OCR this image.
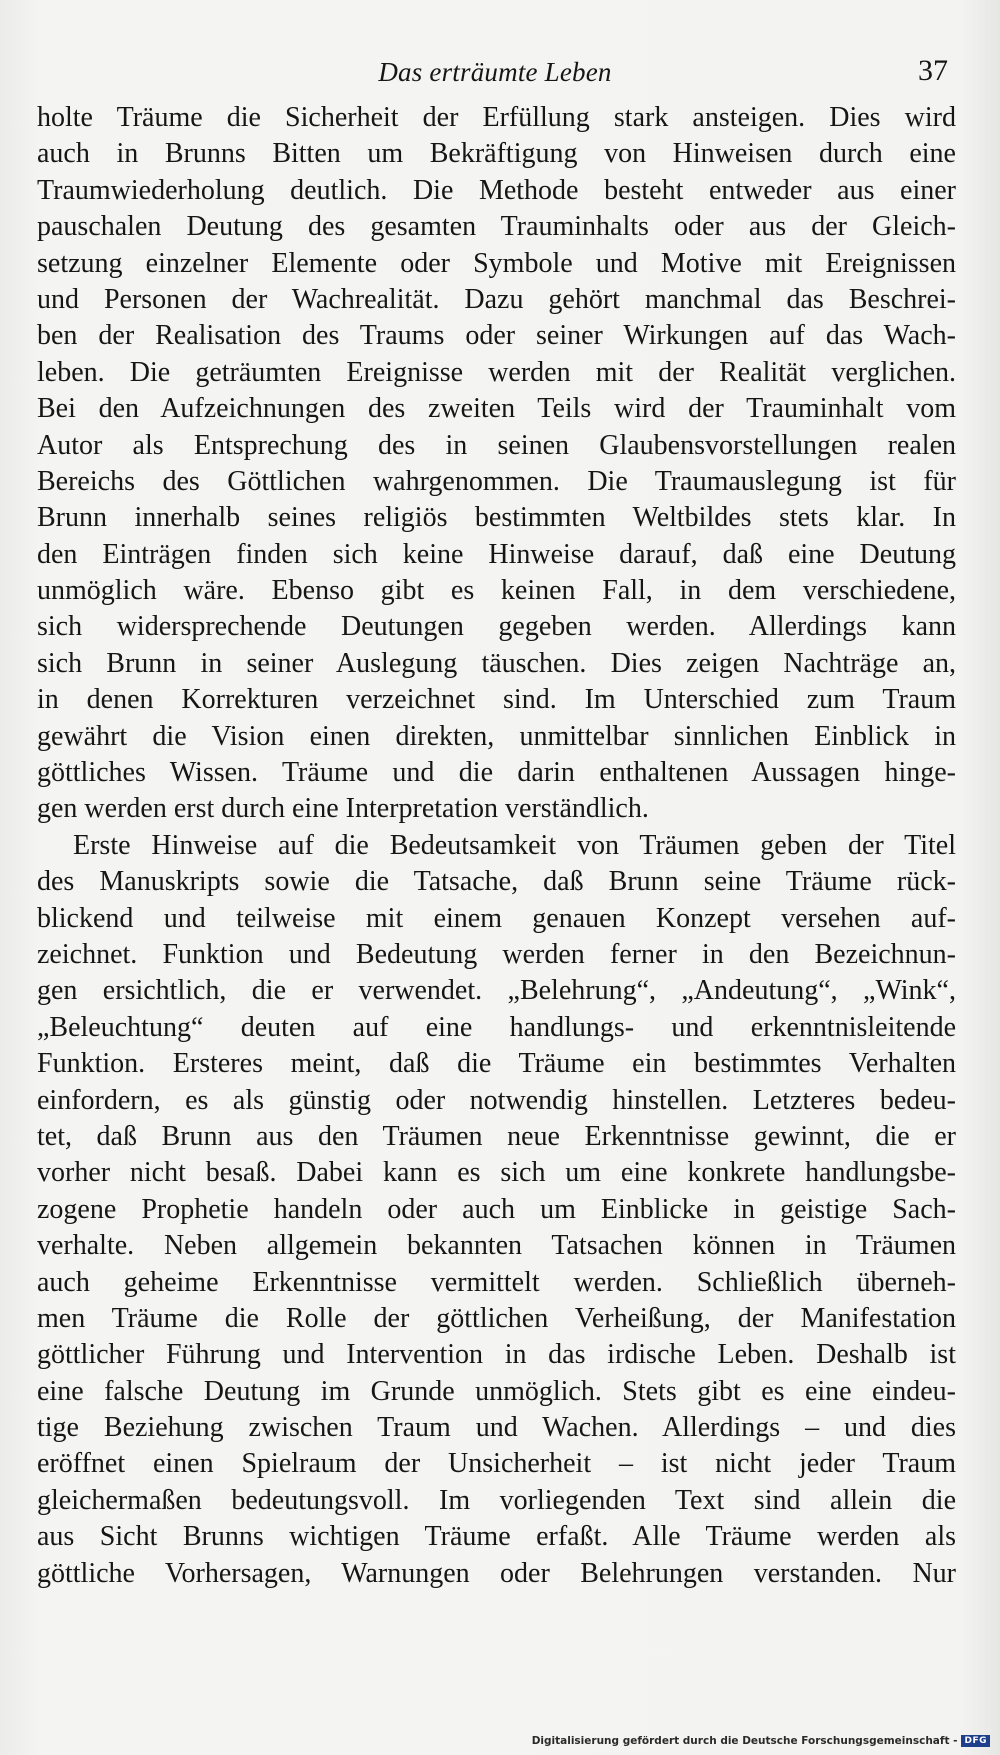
Das erträumte Leben	37
holte Träume die Sicherheit der Erfüllung stark ansteigen. Dies wird
auch in Brunns Bitten um Bekräftigung von Hinweisen durch eine
Traumwiederholung deutlich. Die Methode besteht entweder aus einer
pauschalen Deutung des gesamten Trauminhalts oder aus der Gleich-
setzung einzelner Elemente oder Symbole und Motive mit Ereignissen
und Personen der Wachrealität. Dazu gehört manchmal das Beschrei-
ben der Realisation des Traums oder seiner Wirkungen auf das Wach-
leben. Die geträumten Ereignisse werden mit der Realität verglichen.
Bei den Aufzeichnungen des zweiten Teils wird der Trauminhalt vom
Autor als Entsprechung des in seinen Glaubensvorstellungen realen
Bereichs des Göttlichen wahrgenommen. Die Traumauslegung ist für
Brunn innerhalb seines religiös bestimmten Weltbildes stets klar. In
den Einträgen finden sich keine Hinweise darauf, daß eine Deutung
unmöglich wäre. Ebenso gibt es keinen Fall, in dem verschiedene,
sich widersprechende Deutungen gegeben werden. Allerdings kann
sich Brunn in seiner Auslegung täuschen. Dies zeigen Nachträge an,
in denen Korrekturen verzeichnet sind. Im Unterschied zum Traum
gewährt die Vision einen direkten, unmittelbar sinnlichen Einblick in
göttliches Wissen. Träume und die darin enthaltenen Aussagen hinge-
gen werden erst durch eine Interpretation verständlich.
Erste Hinweise auf die Bedeutsamkeit von Träumen geben der Titel
des Manuskripts sowie die Tatsache, daß Brunn seine Träume rück-
blickend und teilweise mit einem genauen Konzept versehen auf-
zeichnet. Funktion und Bedeutung werden ferner in den Bezeichnun-
gen ersichtlich, die er verwendet. „Belehrung“, „Andeutung“, „Wink“,
„Beleuchtung“ deuten auf eine handlungs- und erkenntnisleitende
Funktion. Ersteres meint, daß die Träume ein bestimmtes Verhalten
einfordern, es als günstig oder notwendig hinstellen. Letzteres bedeu-
tet, daß Brunn aus den Träumen neue Erkenntnisse gewinnt, die er
vorher nicht besaß. Dabei kann es sich um eine konkrete handlungsbe-
zogene Prophetie handeln oder auch um Einblicke in geistige Sach-
verhalte. Neben allgemein bekannten Tatsachen können in Träumen
auch geheime Erkenntnisse vermittelt werden. Schließlich überneh-
men Träume die Rolle der göttlichen Verheißung, der Manifestation
göttlicher Führung und Intervention in das irdische Leben. Deshalb ist
eine falsche Deutung im Grunde unmöglich. Stets gibt es eine eindeu-
tige Beziehung zwischen Traum und Wachen. Allerdings – und dies
eröffnet einen Spielraum der Unsicherheit – ist nicht jeder Traum
gleichermaßen bedeutungsvoll. Im vorliegenden Text sind allein die
aus Sicht Brunns wichtigen Träume erfaßt. Alle Träume werden als
göttliche Vorhersagen, Warnungen oder Belehrungen verstanden. Nur
Digitalisierung gefördert durch die Deutsche Forschungsgemeinschaft - DFG
